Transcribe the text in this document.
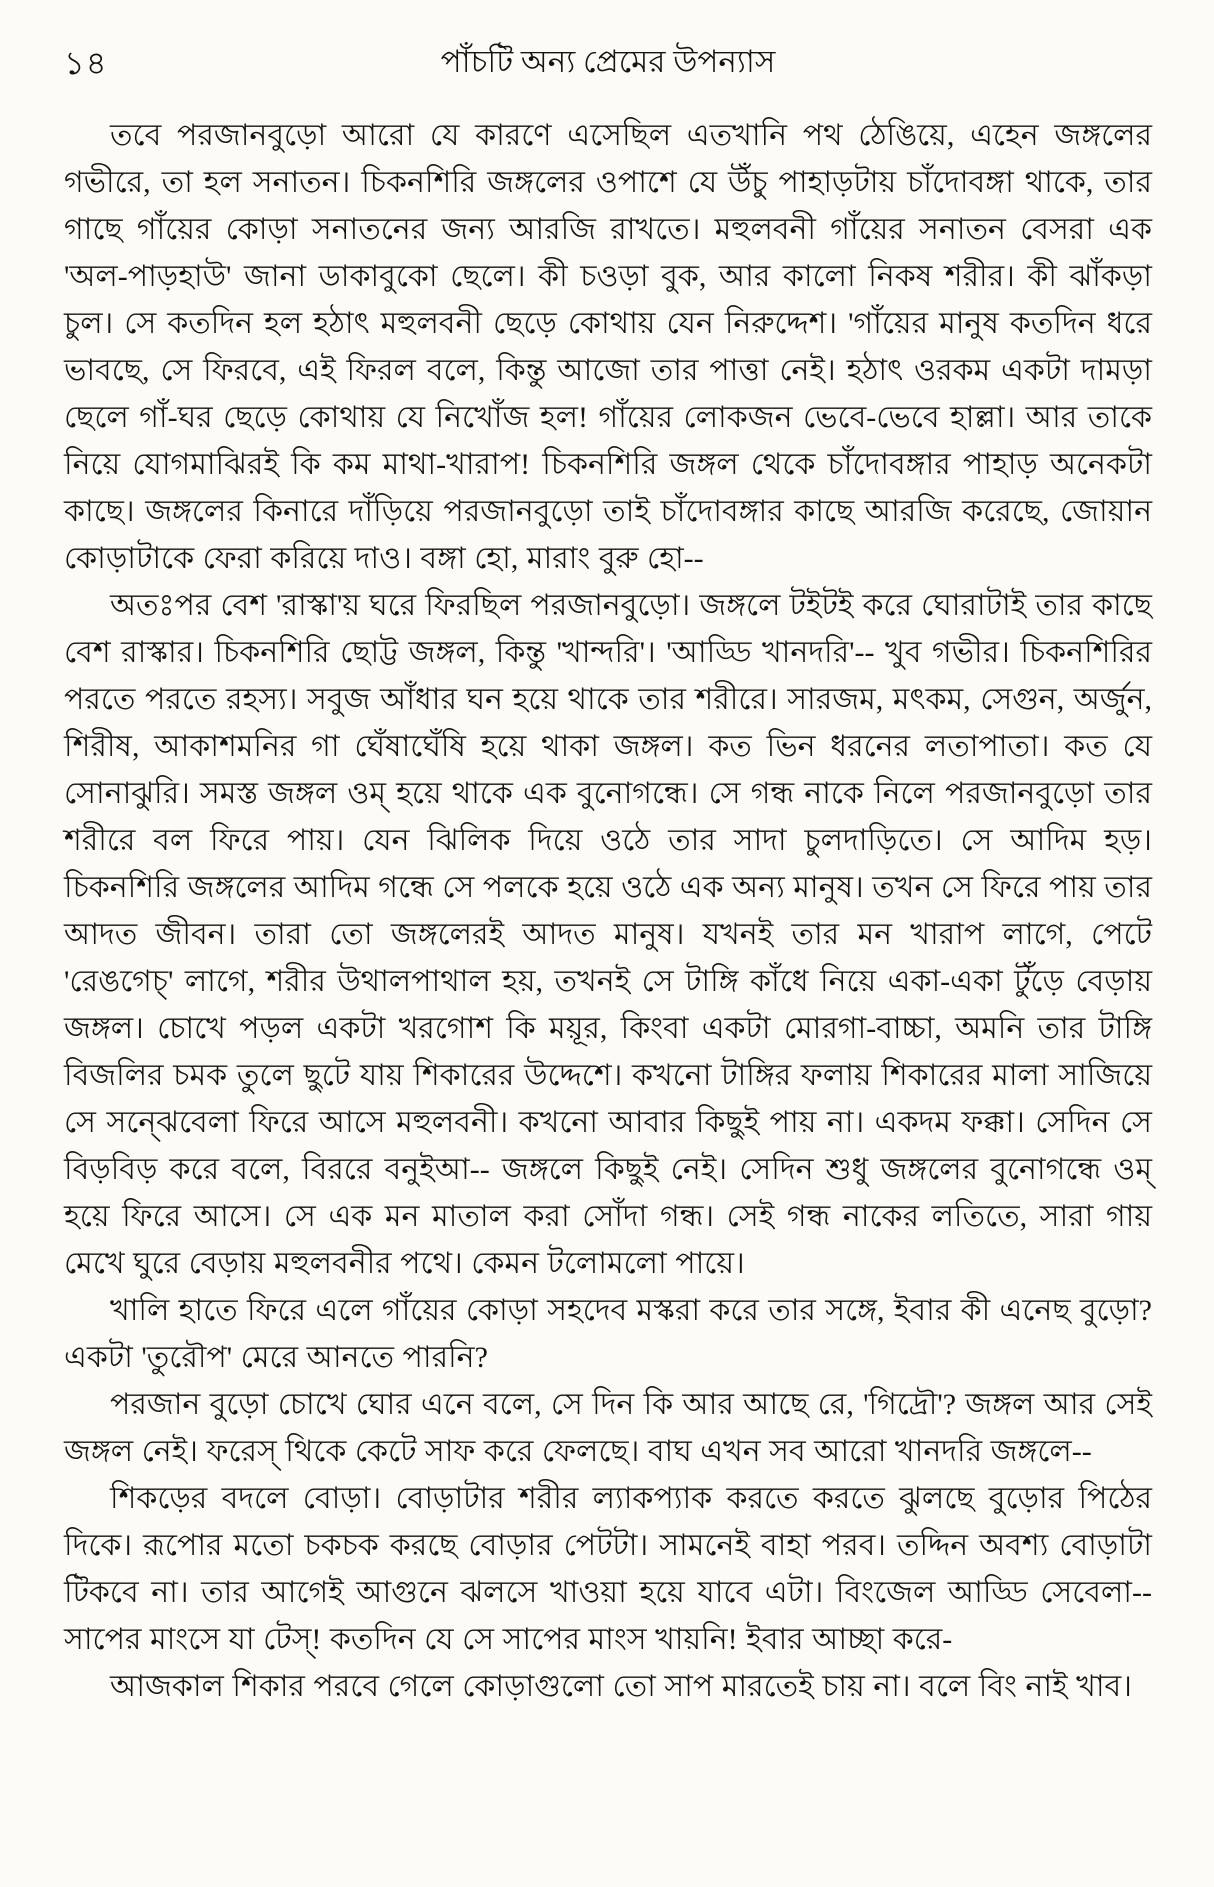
১৪	পাঁচটি অন্য প্রেমের উপন্যাস

তবে পরজানবুড়ো আরো যে কারণে এসেছিল এতখানি পথ ঠেঙিয়ে, এহেন জঙ্গলের গভীরে, তা হল সনাতন। চিকনশিরি জঙ্গলের ওপাশে যে উঁচু পাহাড়টায় চাঁদোবঙ্গা থাকে, তার গাছে গাঁয়ের কোড়া সনাতনের জন্য আরজি রাখতে। মহুলবনী গাঁয়ের সনাতন বেসরা এক 'অল-পাড়হাউ' জানা ডাকাবুকো ছেলে। কী চওড়া বুক, আর কালো নিকষ শরীর। কী ঝাঁকড়া চুল। সে কতদিন হল হঠাৎ মহুলবনী ছেড়ে কোথায় যেন নিরুদ্দেশ। 'গাঁয়ের মানুষ কতদিন ধরে ভাবছে, সে ফিরবে, এই ফিরল বলে, কিন্তু আজো তার পাত্তা নেই। হঠাৎ ওরকম একটা দামড়া ছেলে গাঁ-ঘর ছেড়ে কোথায় যে নিখোঁজ হল! গাঁয়ের লোকজন ভেবে-ভেবে হাল্লা। আর তাকে নিয়ে যোগমাঝিরই কি কম মাথা-খারাপ! চিকনশিরি জঙ্গল থেকে চাঁদোবঙ্গার পাহাড় অনেকটা কাছে। জঙ্গলের কিনারে দাঁড়িয়ে পরজানবুড়ো তাই চাঁদোবঙ্গার কাছে আরজি করেছে, জোয়ান কোড়াটাকে ফেরা করিয়ে দাও। বঙ্গা হো, মারাং বুরু হো--

অতঃপর বেশ 'রাস্কা'য় ঘরে ফিরছিল পরজানবুড়ো। জঙ্গলে টইটই করে ঘোরাটাই তার কাছে বেশ রাস্কার। চিকনশিরি ছোট্ট জঙ্গল, কিন্তু 'খান্দরি'। 'আড্ডি খানদরি'-- খুব গভীর। চিকনশিরির পরতে পরতে রহস্য। সবুজ আঁধার ঘন হয়ে থাকে তার শরীরে। সারজম, মৎকম, সেগুন, অর্জুন, শিরীষ, আকাশমনির গা ঘেঁষাঘেঁষি হয়ে থাকা জঙ্গল। কত ভিন ধরনের লতাপাতা। কত যে সোনাঝুরি। সমস্ত জঙ্গল ওম্ হয়ে থাকে এক বুনোগন্ধে। সে গন্ধ নাকে নিলে পরজানবুড়ো তার শরীরে বল ফিরে পায়। যেন ঝিলিক দিয়ে ওঠে তার সাদা চুলদাড়িতে। সে আদিম হড়। চিকনশিরি জঙ্গলের আদিম গন্ধে সে পলকে হয়ে ওঠে এক অন্য মানুষ। তখন সে ফিরে পায় তার আদত জীবন। তারা তো জঙ্গলেরই আদত মানুষ। যখনই তার মন খারাপ লাগে, পেটে 'রেঙগেচ্' লাগে, শরীর উথালপাথাল হয়, তখনই সে টাঙ্গি কাঁধে নিয়ে একা-একা টুঁড়ে বেড়ায় জঙ্গল। চোখে পড়ল একটা খরগোশ কি ময়ূর, কিংবা একটা মোরগা-বাচ্চা, অমনি তার টাঙ্গি বিজলির চমক তুলে ছুটে যায় শিকারের উদ্দেশে। কখনো টাঙ্গির ফলায় শিকারের মালা সাজিয়ে সে সন্ঝেবেলা ফিরে আসে মহুলবনী। কখনো আবার কিছুই পায় না। একদম ফক্কা। সেদিন সে বিড়বিড় করে বলে, বিররে বনুইআ-- জঙ্গলে কিছুই নেই। সেদিন শুধু জঙ্গলের বুনোগন্ধে ওম্ হয়ে ফিরে আসে। সে এক মন মাতাল করা সোঁদা গন্ধ। সেই গন্ধ নাকের লতিতে, সারা গায় মেখে ঘুরে বেড়ায় মহুলবনীর পথে। কেমন টলোমলো পায়ে।

খালি হাতে ফিরে এলে গাঁয়ের কোড়া সহদেব মস্করা করে তার সঙ্গে, ইবার কী এনেছ বুড়ো? একটা 'তুরৌপ' মেরে আনতে পারনি?

পরজান বুড়ো চোখে ঘোর এনে বলে, সে দিন কি আর আছে রে, 'গিদ্রৌ'? জঙ্গল আর সেই জঙ্গল নেই। ফরেস্ থিকে কেটে সাফ করে ফেলছে। বাঘ এখন সব আরো খানদরি জঙ্গলে--

শিকড়ের বদলে বোড়া। বোড়াটার শরীর ল্যাকপ্যাক করতে করতে ঝুলছে বুড়োর পিঠের দিকে। রূপোর মতো চকচক করছে বোড়ার পেটটা। সামনেই বাহা পরব। তদ্দিন অবশ্য বোড়াটা টিকবে না। তার আগেই আগুনে ঝলসে খাওয়া হয়ে যাবে এটা। বিংজেল আড্ডি সেবেলা-- সাপের মাংসে যা টেস্! কতদিন যে সে সাপের মাংস খায়নি! ইবার আচ্ছা করে-

আজকাল শিকার পরবে গেলে কোড়াগুলো তো সাপ মারতেই চায় না। বলে বিং নাই খাব।
